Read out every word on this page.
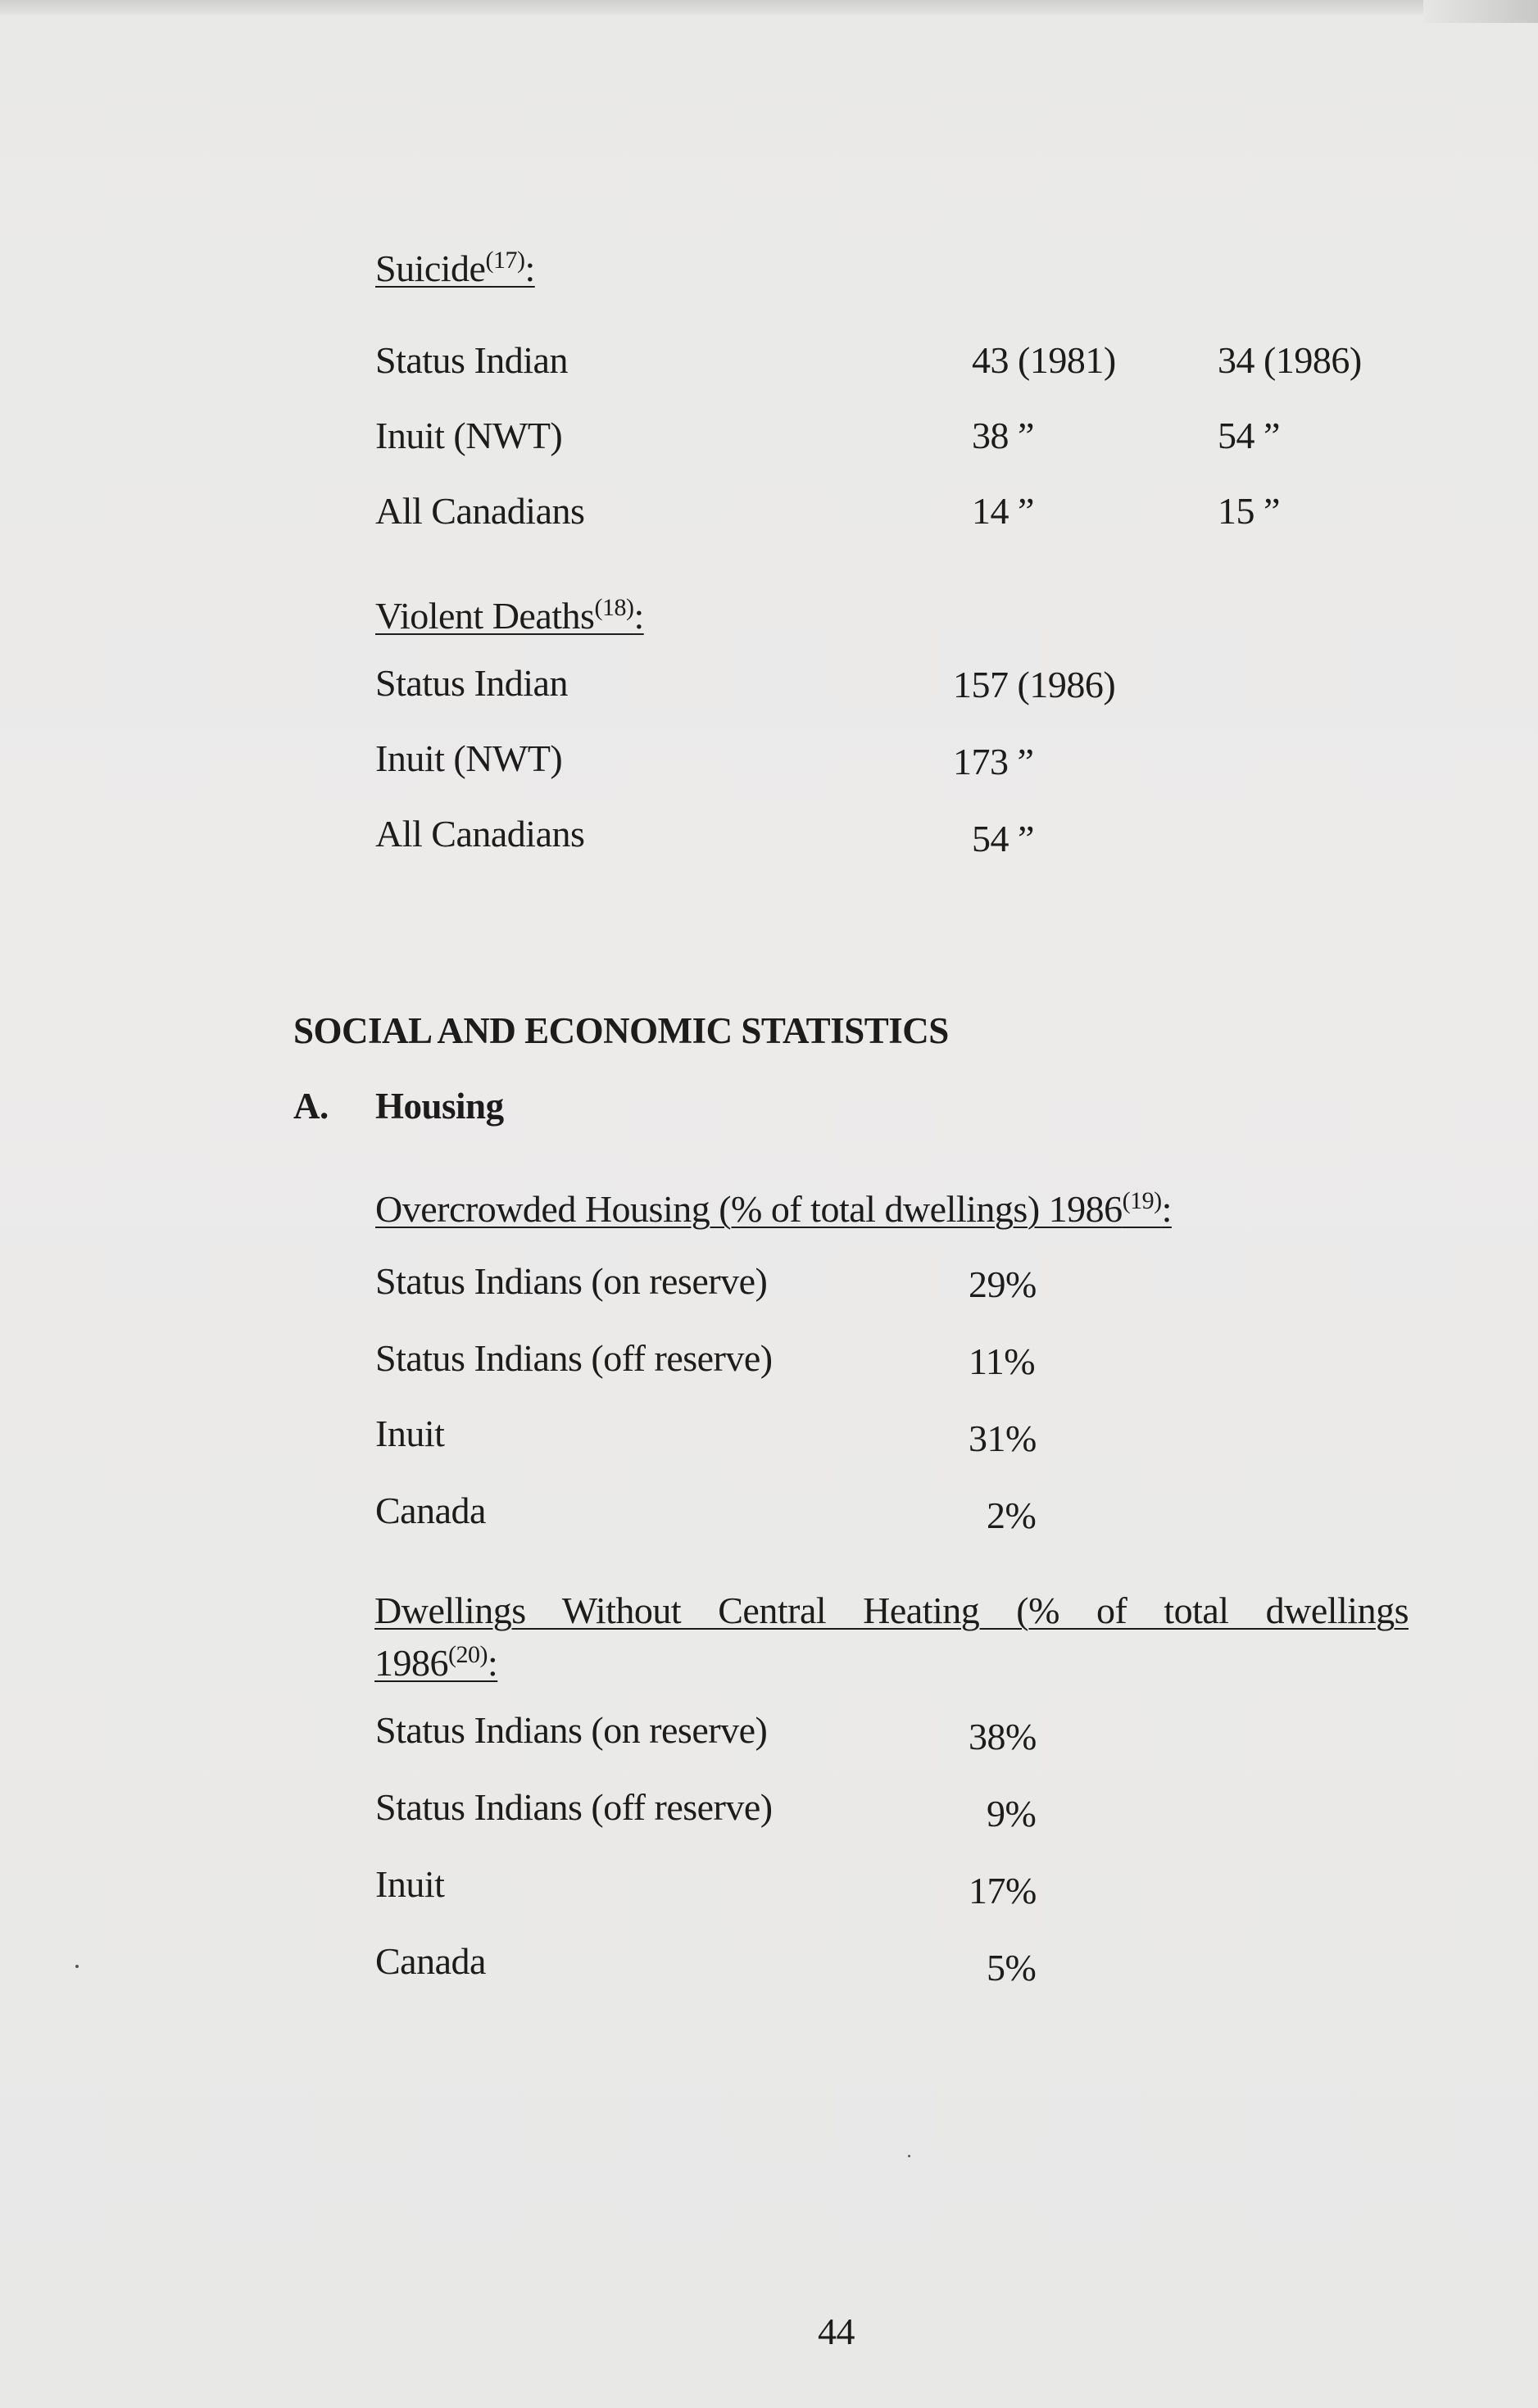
Suicide$^{(17)}$:
Status Indian	43 (1981)	34 (1986)
Inuit (NWT)	38 ”	54 ”
All Canadians	14 ”	15 ”
Violent Deaths$^{(18)}$:
Status Indian	157 (1986)
Inuit (NWT)	173 ”
All Canadians	54 ”
SOCIAL AND ECONOMIC STATISTICS
A. Housing
Overcrowded Housing (% of total dwellings) 1986$^{(19)}$:
Status Indians (on reserve)	29%
Status Indians (off reserve)	11%
Inuit	31%
Canada	2%
Dwellings Without Central Heating (% of total dwellings
1986$^{(20)}$:
Status Indians (on reserve)	38%
Status Indians (off reserve)	9%
Inuit	17%
Canada	5%
44
